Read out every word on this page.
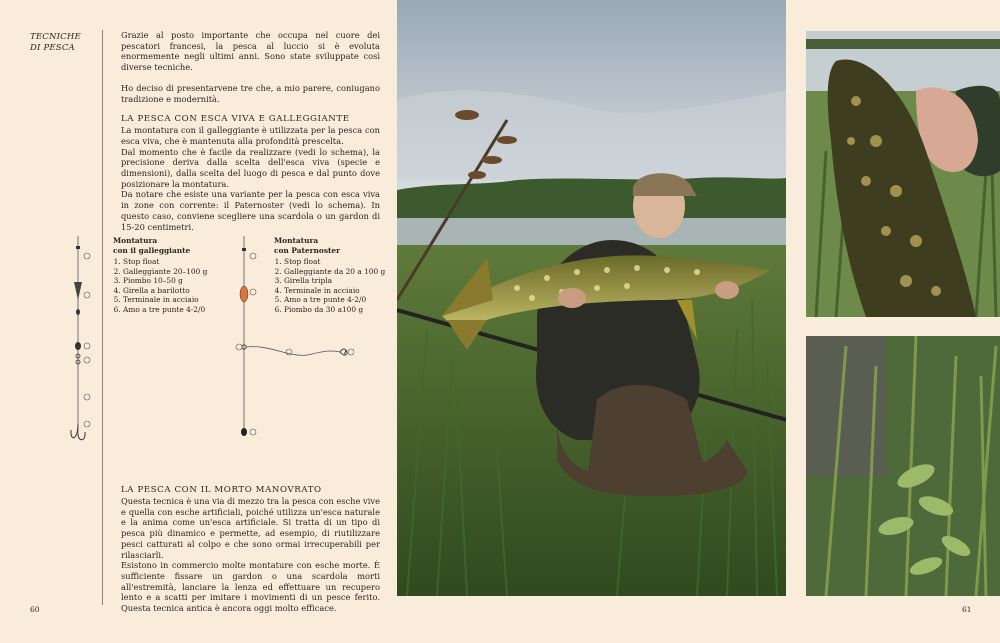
TECNICHE
DI PESCA

Grazie al posto importante che occupa nel cuore dei pescatori francesi, la pesca al luccio si è evoluta enormemente negli ultimi anni. Sono state sviluppate così diverse tecniche.

Ho deciso di presentarvene tre che, a mio parere, coniugano tradizione e modernità.

LA PESCA CON ESCA VIVA E GALLEGGIANTE

La montatura con il galleggiante è utilizzata per la pesca con esca viva, che è mantenuta alla profondità prescelta.

Dal momento che è facile da realizzare (vedi lo schema), la precisione deriva dalla scelta dell'esca viva (specie e dimensioni), dalla scelta del luogo di pesca e dal punto dove posizionare la montatura.

Da notare che esiste una variante per la pesca con esca viva in zone con corrente: il Paternoster (vedi lo schema). In questo caso, conviene scegliere una scardola o un gardon di 15-20 centimetri.

Montatura
con il galleggiante
1. Stop float
2. Galleggiante 20–100 g
3. Piombo 10–50 g
4. Girella a barilotto
5. Terminale in acciaio
6. Amo a tre punte 4-2/0
Montatura
con Paternoster
1. Stop float
2. Galleggiante da 20 a 100 g
3. Girella tripla
4. Terminale in acciaio
5. Amo a tre punte 4-2/0
6. Piombo da 30 a100 g
LA PESCA CON IL MORTO MANOVRATO

Questa tecnica è una via di mezzo tra la pesca con esche vive e quella con esche artificiali, poiché utilizza un'esca naturale e la anima come un'esca artificiale. Si tratta di un tipo di pesca più dinamico e permette, ad esempio, di riutilizzare pesci catturati al colpo e che sono ormai irrecuperabili per rilasciarli.

Esistono in commercio molte montature con esche morte. È sufficiente fissare un gardon o una scardola morti all'estremità, lanciare la lenza ed effettuare un recupero lento e a scatti per imitare i movimenti di un pesce ferito. Questa tecnica antica è ancora oggi molto efficace.

60	61
